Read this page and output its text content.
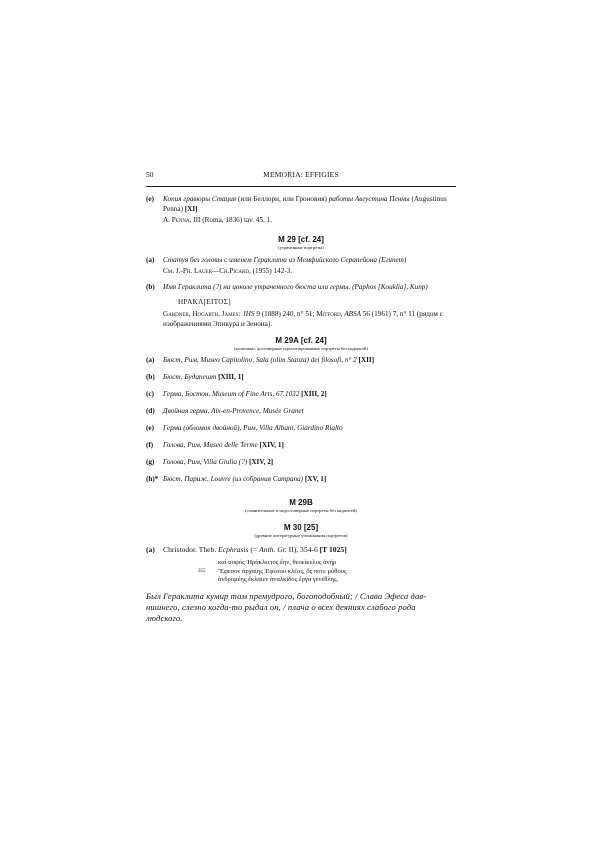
50	MEMORIA: EFFIGIES
(e) Копия гравюры Стация (или Беллори, или Гроновия) работы Августина Пенны (Augustinus Penna) [XI]
A. Penna, III (Roma, 1836) tav. 45, 1.
M 29 [cf. 24]
(утраченные портреты)
(a) Статуя без головы с именем Гераклита из Мемфийского Серапейона (Египет)
См. J.-Ph. Lauer—Ch.Picard, (1955) 142-3.
(b) Имя Гераклита (?) на цоколе утраченного бюста или гермы. (Paphos [Kouklia], Кипр)
ΗΡΑΚΛ[ΕΙΤΟΣ]
Gardner, Hogarth, James: JHS 9 (1888) 240, n° 51; Mitford, ABSA 56 (1961) 7, n° 11 (рядом с изображениями Эпикура и Зенона).
M 29A [cf. 24]
(возможно, достоверные идеализированные портреты без надписей)
(a) Бюст, Рим, Museo Capitolino, Sala (olim Stanza) dei filosofi, n° 2 [XII]
(b) Бюст, Будапешт [XIII, 1]
(c) Герма, Бостон, Museum of Fine Arts, 67.1032 [XIII, 2]
(d) Двойная герма, Aix-en-Provence, Musée Granet
(e) Герма (обломок двойной), Рим, Villa Albani, Giardino Rialto
(f) Голова, Рим, Museo delle Terme [XIV, 1]
(g) Голова, Рим, Villa Giulia (?) [XIV, 2]
(h)* Бюст, Париж, Louvre (из собрания Campana) [XV, 1]
M 29B
(сомнительные и недостоверные портреты без надписей)
M 30 [25]
(древние литературные упоминания портретов)
(a) Christodor. Theb. Ecphrasis (= Anth. Gr. II), 354-6 [T 1025]
καὶ σοφὸς Ἡράκλειτος ἔην, θεοείκελος ἀνήρ
355 Ἔφεσον ἀρχαίης Ἐφέσου κλέος, ὅς ποτε μύθους
ἀνδρομέης ἔκλαιεν ἀναλκίδος ἔργα γενέθλης.
Был Гераклита кумир там премудрого, богоподобный; / Слава Эфеса дав-
нишнего, слезно когда-то рыдал он, / плача о всех деяниях слабого рода
людского.
